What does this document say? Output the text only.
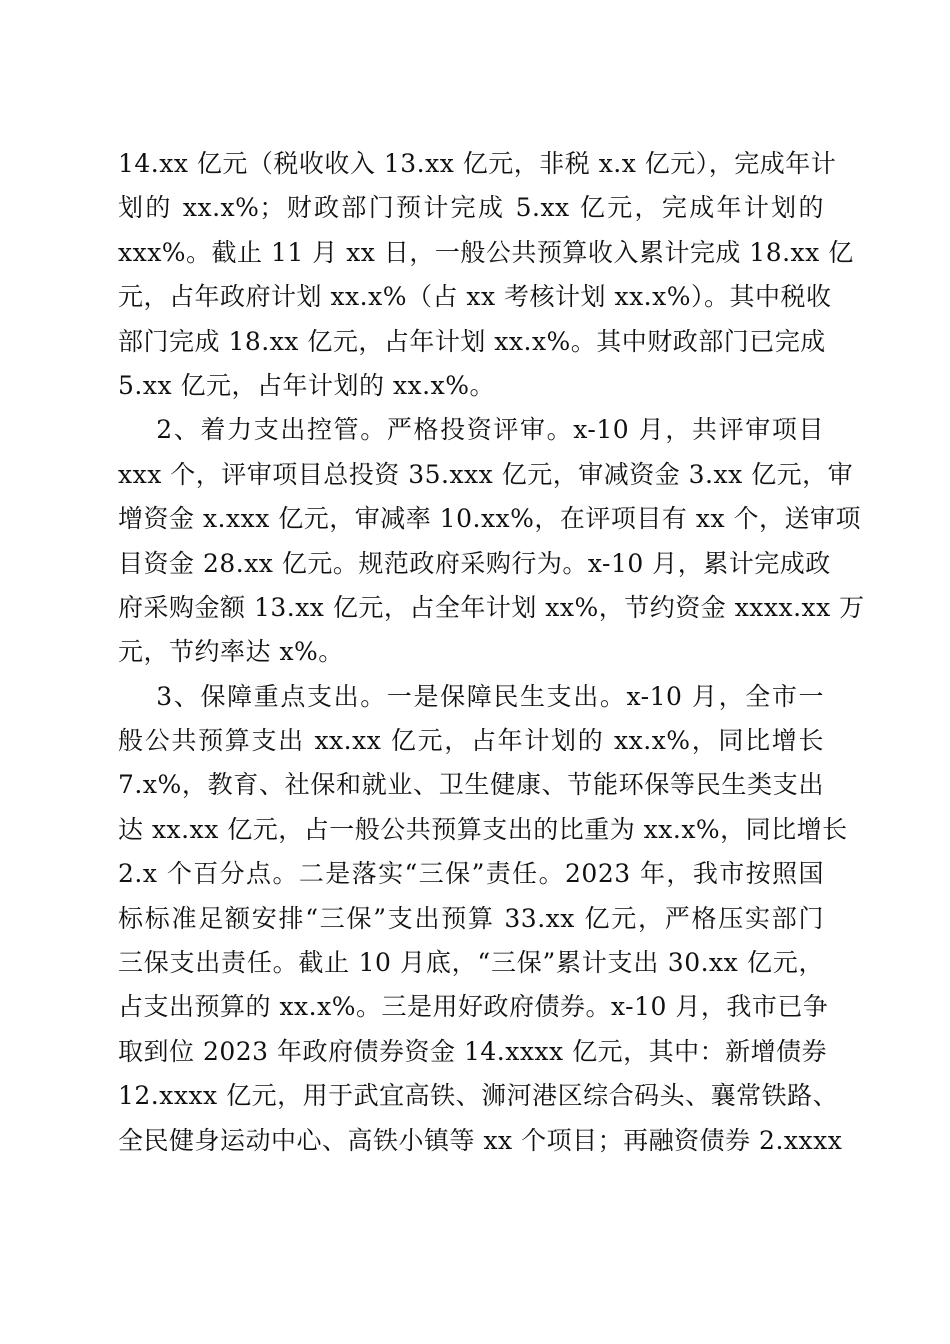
14.xx 亿元（税收收入 13.xx 亿元，非税 x.x 亿元），完成年计
划的 xx.x%；财政部门预计完成 5.xx 亿元，完成年计划的
xxx%。截止 11 月 xx 日，一般公共预算收入累计完成 18.xx 亿
元，占年政府计划 xx.x%（占 xx 考核计划 xx.x%）。其中税收
部门完成 18.xx 亿元，占年计划 xx.x%。其中财政部门已完成
5.xx 亿元，占年计划的 xx.x%。
2、着力支出控管。严格投资评审。x-10 月，共评审项目
xxx 个，评审项目总投资 35.xxx 亿元，审减资金 3.xx 亿元，审
增资金 x.xxx 亿元，审减率 10.xx%，在评项目有 xx 个，送审项
目资金 28.xx 亿元。规范政府采购行为。x-10 月，累计完成政
府采购金额 13.xx 亿元，占全年计划 xx%，节约资金 xxxx.xx 万
元，节约率达 x%。
3、保障重点支出。一是保障民生支出。x-10 月，全市一
般公共预算支出 xx.xx 亿元，占年计划的 xx.x%，同比增长
7.x%，教育、社保和就业、卫生健康、节能环保等民生类支出
达 xx.xx 亿元，占一般公共预算支出的比重为 xx.x%，同比增长
2.x 个百分点。二是落实“三保”责任。2023 年，我市按照国
标标准足额安排“三保”支出预算 33.xx 亿元，严格压实部门
三保支出责任。截止 10 月底，“三保”累计支出 30.xx 亿元，
占支出预算的 xx.x%。三是用好政府债券。x-10 月，我市已争
取到位 2023 年政府债券资金 14.xxxx 亿元，其中：新增债券
12.xxxx 亿元，用于武宜高铁、浉河港区综合码头、襄常铁路、
全民健身运动中心、高铁小镇等 xx 个项目；再融资债券 2.xxxx
